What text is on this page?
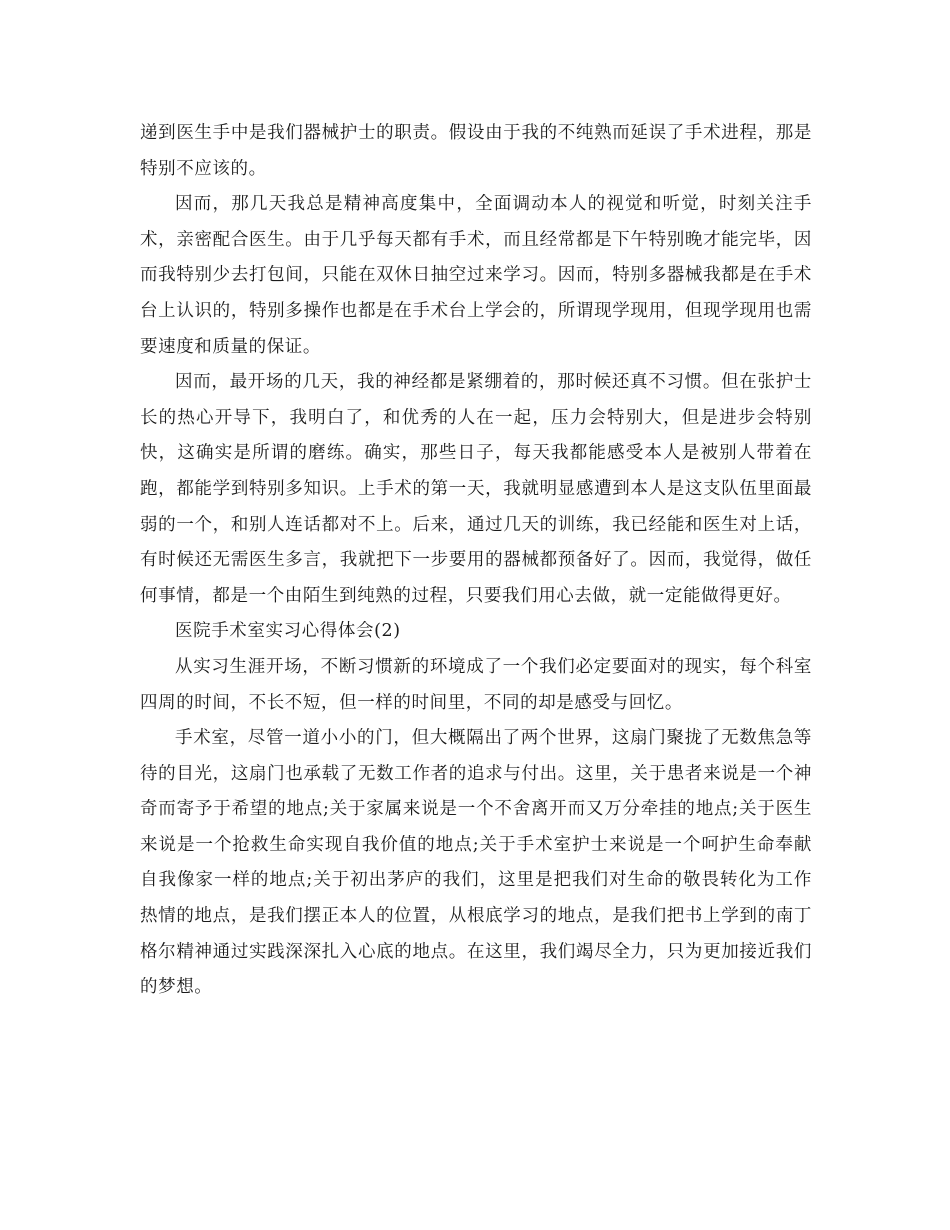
递到医生手中是我们器械护士的职责。假设由于我的不纯熟而延误了手术进程，那是特别不应该的。

因而，那几天我总是精神高度集中，全面调动本人的视觉和听觉，时刻关注手术，亲密配合医生。由于几乎每天都有手术，而且经常都是下午特别晚才能完毕，因而我特别少去打包间，只能在双休日抽空过来学习。因而，特别多器械我都是在手术台上认识的，特别多操作也都是在手术台上学会的，所谓现学现用，但现学现用也需要速度和质量的保证。

因而，最开场的几天，我的神经都是紧绷着的，那时候还真不习惯。但在张护士长的热心开导下，我明白了，和优秀的人在一起，压力会特别大，但是进步会特别快，这确实是所谓的磨练。确实，那些日子，每天我都能感受本人是被别人带着在跑，都能学到特别多知识。上手术的第一天，我就明显感遭到本人是这支队伍里面最弱的一个，和别人连话都对不上。后来，通过几天的训练，我已经能和医生对上话，有时候还无需医生多言，我就把下一步要用的器械都预备好了。因而，我觉得，做任何事情，都是一个由陌生到纯熟的过程，只要我们用心去做，就一定能做得更好。

医院手术室实习心得体会(2)

从实习生涯开场，不断习惯新的环境成了一个我们必定要面对的现实，每个科室四周的时间，不长不短，但一样的时间里，不同的却是感受与回忆。

手术室，尽管一道小小的门，但大概隔出了两个世界，这扇门聚拢了无数焦急等待的目光，这扇门也承载了无数工作者的追求与付出。这里，关于患者来说是一个神奇而寄予于希望的地点;关于家属来说是一个不舍离开而又万分牵挂的地点;关于医生来说是一个抢救生命实现自我价值的地点;关于手术室护士来说是一个呵护生命奉献自我像家一样的地点;关于初出茅庐的我们，这里是把我们对生命的敬畏转化为工作热情的地点，是我们摆正本人的位置，从根底学习的地点，是我们把书上学到的南丁格尔精神通过实践深深扎入心底的地点。在这里，我们竭尽全力，只为更加接近我们的梦想。
